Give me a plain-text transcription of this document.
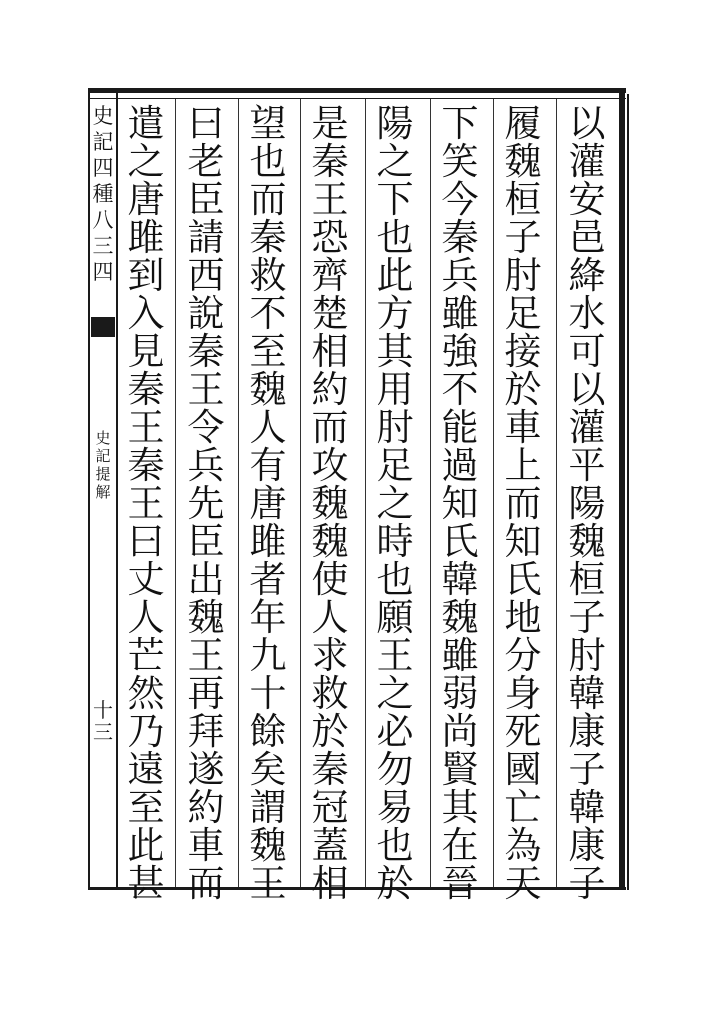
史
記
四
種
八
三
四
史
記
提
解
十三
以
灌
安
邑
絳
水
可
以
灌
平
陽
魏
桓
子
肘
韓
康
子
韓
康
子
履
魏
桓
子
肘
足
接
於
車
上
而
知
氏
地
分
身
死
國
亡
為
天
下
笑
今
秦
兵
雖
強
不
能
過
知
氏
韓
魏
雖
弱
尚
賢
其
在
晉
陽
之
下
也
此
方
其
用
肘
足
之
時
也
願
王
之
必
勿
易
也
於
是
秦
王
恐
齊
楚
相
約
而
攻
魏
魏
使
人
求
救
於
秦
冠
蓋
相
望
也
而
秦
救
不
至
魏
人
有
唐
雎
者
年
九
十
餘
矣
謂
魏
王
曰
老
臣
請
西
說
秦
王
令
兵
先
臣
出
魏
王
再
拜
遂
約
車
而
遣
之
唐
雎
到
入
見
秦
王
秦
王
曰
丈
人
芒
然
乃
遠
至
此
甚
